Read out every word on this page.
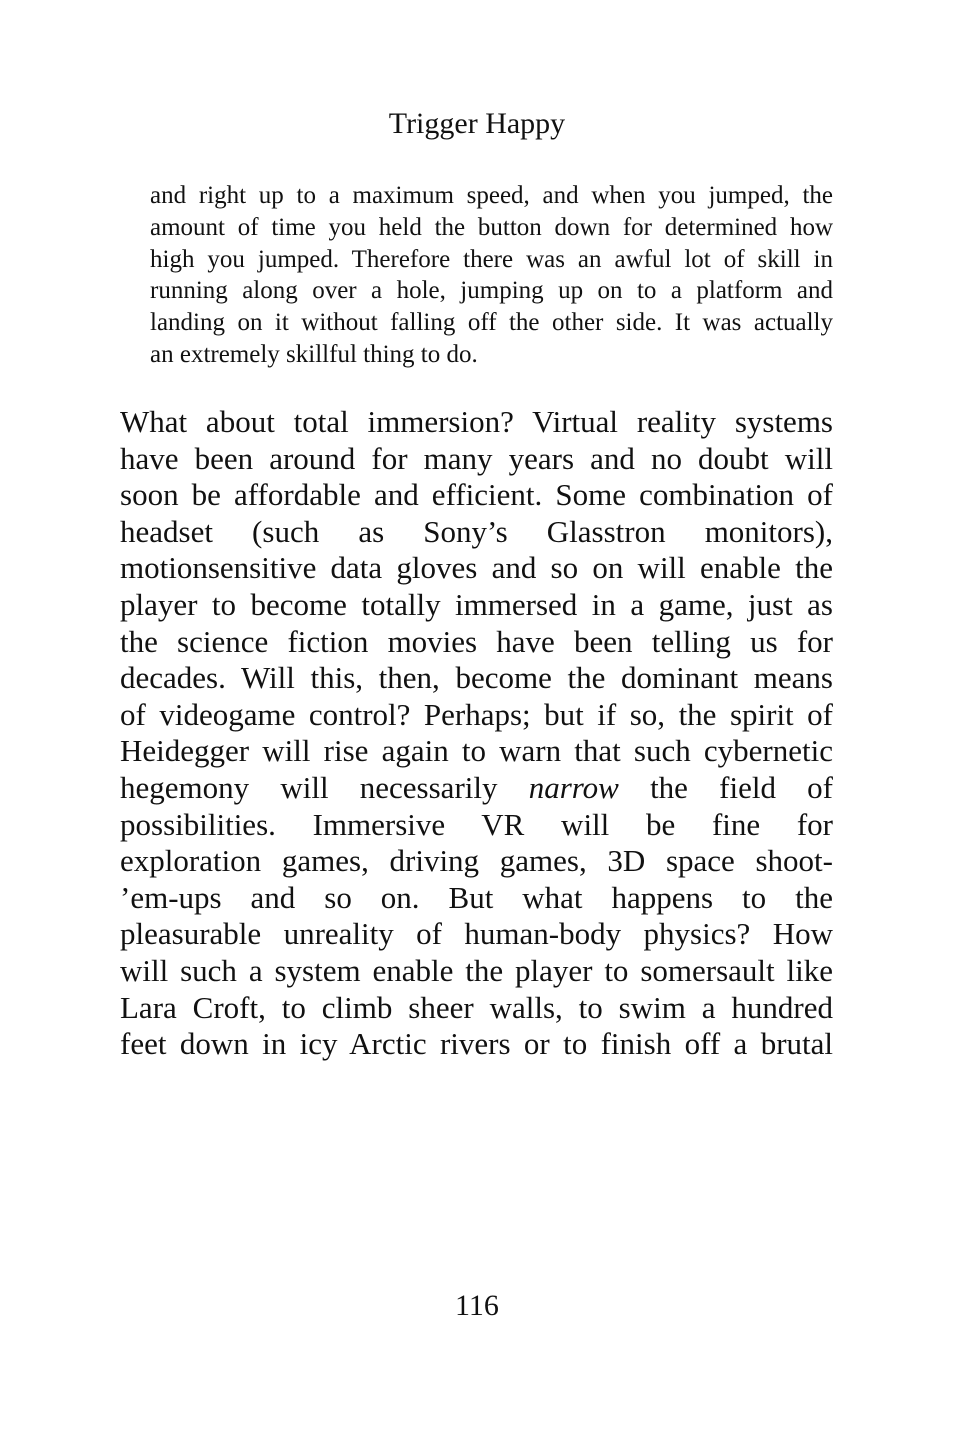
Trigger Happy
and right up to a maximum speed, and when you jumped, the
amount of time you held the button down for determined how
high you jumped. Therefore there was an awful lot of skill in
running along over a hole, jumping up on to a platform and
landing on it without falling off the other side. It was actually
an extremely skillful thing to do.
What about total immersion? Virtual reality systems
have been around for many years and no doubt will
soon be affordable and efficient. Some combination of
headset (such as Sony’s Glasstron monitors),
motionsensitive data gloves and so on will enable the
player to become totally immersed in a game, just as
the science fiction movies have been telling us for
decades. Will this, then, become the dominant means
of videogame control? Perhaps; but if so, the spirit of
Heidegger will rise again to warn that such cybernetic
hegemony will necessarily narrow the field of
possibilities. Immersive VR will be fine for
exploration games, driving games, 3D space shoot-
’em-ups and so on. But what happens to the
pleasurable unreality of human-body physics? How
will such a system enable the player to somersault like
Lara Croft, to climb sheer walls, to swim a hundred
feet down in icy Arctic rivers or to finish off a brutal
116
